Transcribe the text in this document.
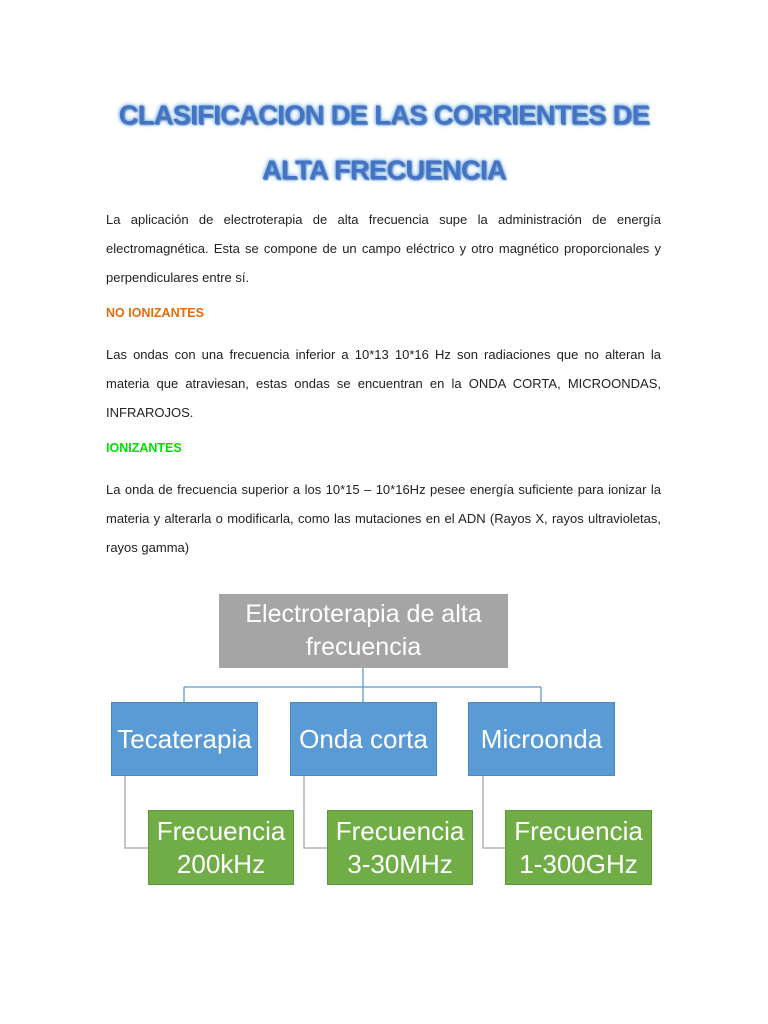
CLASIFICACION DE LAS CORRIENTES DE
ALTA FRECUENCIA

La aplicación de electroterapia de alta frecuencia supe la administración de energía electromagnética. Esta se compone de un campo eléctrico y otro magnético proporcionales y perpendiculares entre sí.

NO IONIZANTES

Las ondas con una frecuencia inferior a 10*13 10*16 Hz son radiaciones que no alteran la materia que atraviesan, estas ondas se encuentran en la ONDA CORTA, MICROONDAS, INFRAROJOS.

IONIZANTES

La onda de frecuencia superior a los 10*15 – 10*16Hz pesee energía suficiente para ionizar la materia y alterarla o modificarla, como las mutaciones en el ADN (Rayos X, rayos ultravioletas, rayos gamma)

Electroterapia de alta
frecuencia
Tecaterapia Onda corta Microonda
Frecuencia
200kHz
Frecuencia
3-30MHz
Frecuencia
1-300GHz
